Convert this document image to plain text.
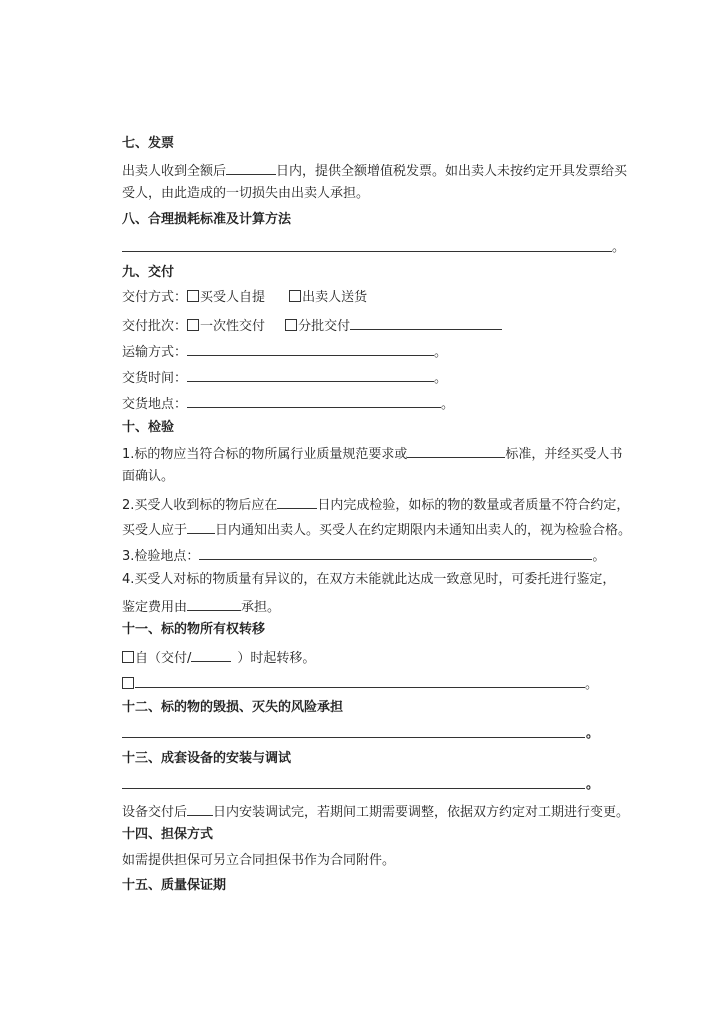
七、发票
出卖人收到全额后	日内，提供全额增值税发票。如出卖人未按约定开具发票给买
受人，由此造成的一切损失由出卖人承担。
八、合理损耗标准及计算方法
。
九、交付
交付方式： 买受人自提	出卖人送货
交付批次： 一次性交付	分批交付
运输方式：	。
交货时间：	。
交货地点：	。
十、检验
1.标的物应当符合标的物所属行业质量规范要求或	标准，并经买受人书
面确认。
2.买受人收到标的物后应在	日内完成检验，如标的物的数量或者质量不符合约定，
买受人应于 日内通知出卖人。买受人在约定期限内未通知出卖人的，视为检验合格。
3.检验地点：	。
4.买受人对标的物质量有异议的，在双方未能就此达成一致意见时，可委托进行鉴定，
鉴定费用由	承担。
十一、标的物所有权转移
自（交付/	）时起转移。
。
十二、标的物的毁损、灭失的风险承担
。
十三、成套设备的安装与调试
。
设备交付后 日内安装调试完，若期间工期需要调整，依据双方约定对工期进行变更。
十四、担保方式
如需提供担保可另立合同担保书作为合同附件。
十五、质量保证期
